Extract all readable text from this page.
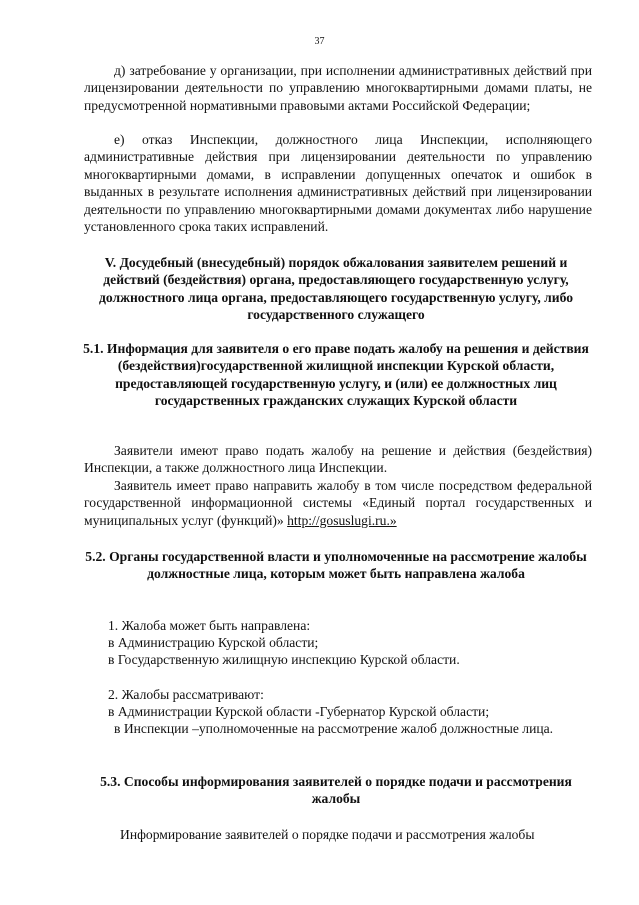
37
д) затребование у организации, при исполнении административных действий при лицензировании деятельности по управлению многоквартирными домами платы, не предусмотренной нормативными правовыми актами Российской Федерации;
е) отказ Инспекции, должностного лица Инспекции, исполняющего административные действия при лицензировании деятельности по управлению многоквартирными домами, в исправлении допущенных опечаток и ошибок в выданных в результате исполнения административных действий при лицензировании деятельности по управлению многоквартирными домами документах либо нарушение установленного срока таких исправлений.
V. Досудебный (внесудебный) порядок обжалования заявителем решений и действий (бездействия) органа, предоставляющего государственную услугу, должностного лица органа, предоставляющего государственную услугу, либо государственного служащего
5.1. Информация для заявителя о его праве подать жалобу на решения и действия (бездействия)государственной жилищной инспекции Курской области, предоставляющей государственную услугу, и (или) ее должностных лиц государственных гражданских служащих Курской области
Заявители имеют право подать жалобу на решение и действия (бездействия) Инспекции, а также должностного лица Инспекции.
Заявитель имеет право направить жалобу в том числе посредством федеральной государственной информационной системы «Единый портал государственных и муниципальных услуг (функций)» http://gosuslugi.ru.»
5.2. Органы государственной власти и уполномоченные на рассмотрение жалобы должностные лица, которым может быть направлена жалоба
1. Жалоба может быть направлена:
в Администрацию Курской области;
в Государственную жилищную инспекцию Курской области.
2. Жалобы рассматривают:
в Администрации Курской области -Губернатор Курской области;
в Инспекции –уполномоченные на рассмотрение жалоб должностные лица.
5.3. Способы информирования заявителей о порядке подачи и рассмотрения жалобы
Информирование заявителей о порядке подачи и рассмотрения жалобы
